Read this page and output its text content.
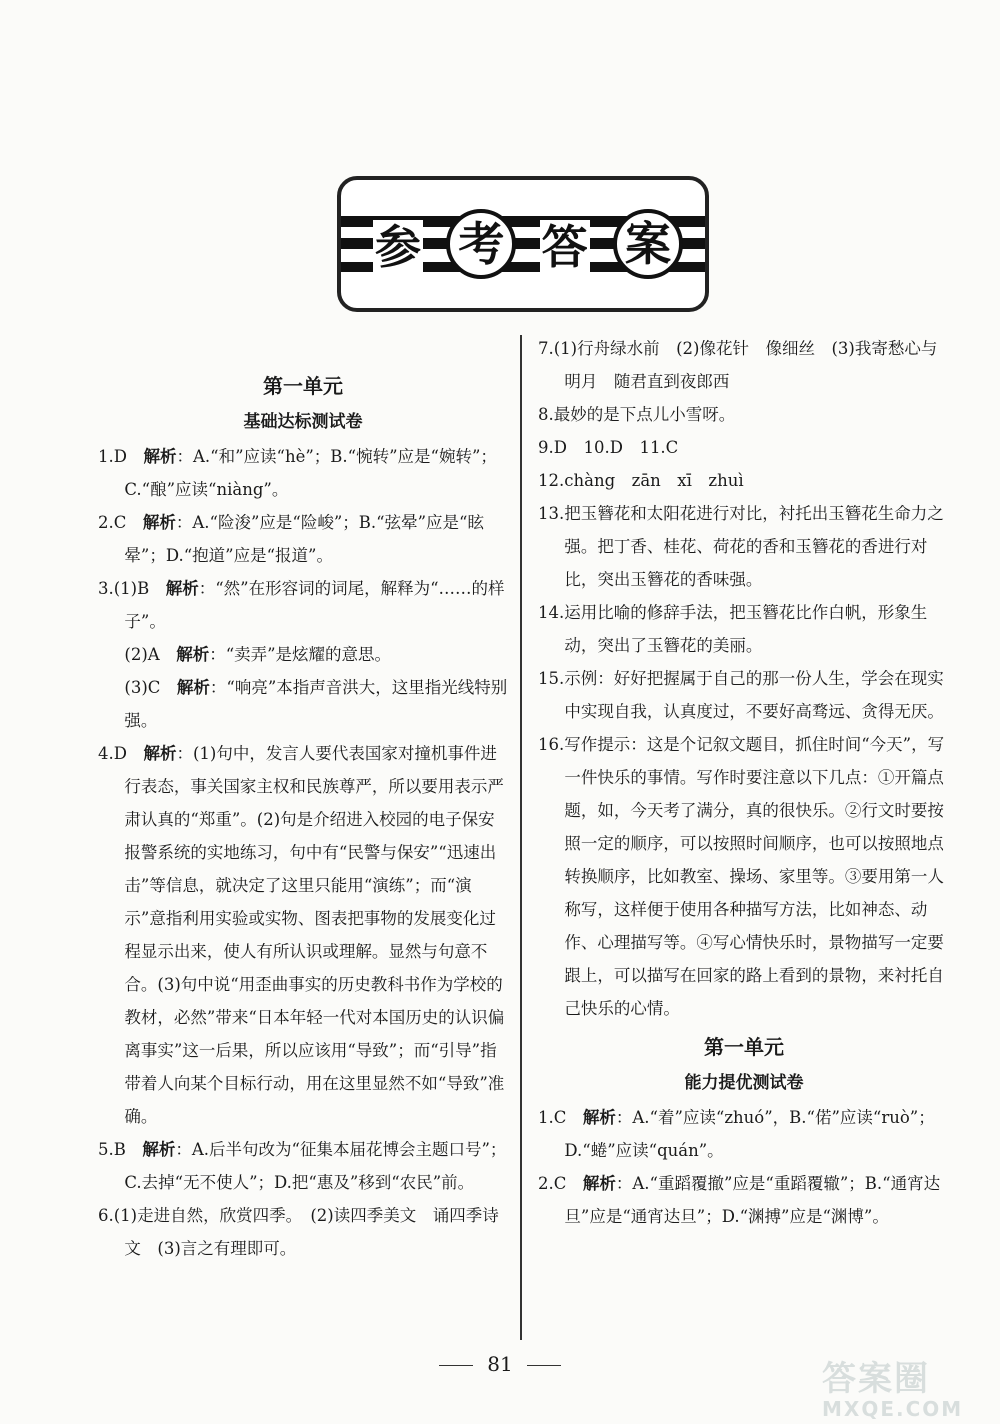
参 考 答 案
第一单元
基础达标测试卷

1.D　解析：A.“和”应读“hè”；B.“惋转”应是“婉转”；C.“酿”应读“niàng”。

2.C　解析：A.“险浚”应是“险峻”；B.“弦晕”应是“眩晕”；D.“抱道”应是“报道”。

3.(1)B　解析：“然”在形容词的词尾，解释为“……的样子”。

(2)A　解析：“卖弄”是炫耀的意思。

(3)C　解析：“响亮”本指声音洪大，这里指光线特别强。

4.D　解析：(1)句中，发言人要代表国家对撞机事件进行表态，事关国家主权和民族尊严，所以要用表示严肃认真的“郑重”。(2)句是介绍进入校园的电子保安报警系统的实地练习，句中有“民警与保安”“迅速出击”等信息，就决定了这里只能用“演练”；而“演示”意指利用实验或实物、图表把事物的发展变化过程显示出来，使人有所认识或理解。显然与句意不合。(3)句中说“用歪曲事实的历史教科书作为学校的教材，必然”带来“日本年轻一代对本国历史的认识偏离事实”这一后果，所以应该用“导致”；而“引导”指带着人向某个目标行动，用在这里显然不如“导致”准确。

5.B　解析：A.后半句改为“征集本届花博会主题口号”；C.去掉“无不使人”；D.把“惠及”移到“农民”前。

6.(1)走进自然，欣赏四季。　(2)读四季美文　诵四季诗文　(3)言之有理即可。

7.(1)行舟绿水前　(2)像花针　像细丝　(3)我寄愁心与明月　随君直到夜郎西

8.最妙的是下点儿小雪呀。

9.D　10.D　11.C

12.chàng　zān　xī　zhuì

13.把玉簪花和太阳花进行对比，衬托出玉簪花生命力之强。把丁香、桂花、荷花的香和玉簪花的香进行对比，突出玉簪花的香味强。

14.运用比喻的修辞手法，把玉簪花比作白帆，形象生动，突出了玉簪花的美丽。

15.示例：好好把握属于自己的那一份人生，学会在现实中实现自我，认真度过，不要好高骛远、贪得无厌。

16.写作提示：这是个记叙文题目，抓住时间“今天”，写一件快乐的事情。写作时要注意以下几点：①开篇点题，如，今天考了满分，真的很快乐。②行文时要按照一定的顺序，可以按照时间顺序，也可以按照地点转换顺序，比如教室、操场、家里等。③要用第一人称写，这样便于使用各种描写方法，比如神态、动作、心理描写等。④写心情快乐时，景物描写一定要跟上，可以描写在回家的路上看到的景物，来衬托自己快乐的心情。

第一单元
能力提优测试卷

1.C　解析：A.“着”应读“zhuó”，B.“偌”应读“ruò”；D.“蜷”应读“quán”。

2.C　解析：A.“重蹈覆撤”应是“重蹈覆辙”；B.“通宵达旦”应是“通宵达旦”；D.“渊搏”应是“渊博”。

81	答案圈
MXQE.COM
